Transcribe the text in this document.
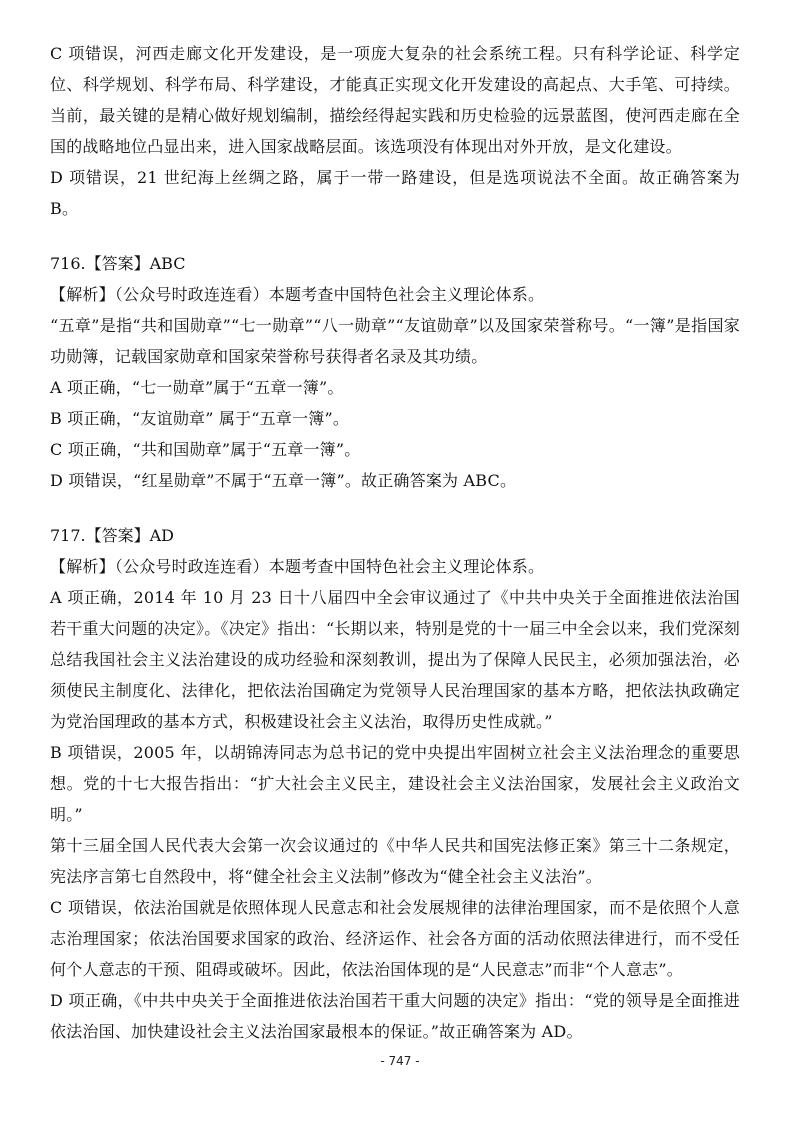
C 项错误，河西走廊文化开发建设，是一项庞大复杂的社会系统工程。只有科学论证、科学定位、科学规划、科学布局、科学建设，才能真正实现文化开发建设的高起点、大手笔、可持续。当前，最关键的是精心做好规划编制，描绘经得起实践和历史检验的远景蓝图，使河西走廊在全国的战略地位凸显出来，进入国家战略层面。该选项没有体现出对外开放，是文化建设。

D 项错误，21 世纪海上丝绸之路，属于一带一路建设，但是选项说法不全面。故正确答案为 B。

716.【答案】ABC

【解析】（公众号时政连连看）本题考查中国特色社会主义理论体系。

“五章”是指“共和国勋章”“七一勋章”“八一勋章”“友谊勋章”以及国家荣誉称号。“一簿”是指国家功勋簿，记载国家勋章和国家荣誉称号获得者名录及其功绩。

A 项正确，“七一勋章”属于“五章一簿”。

B 项正确，“友谊勋章” 属于“五章一簿”。

C 项正确，“共和国勋章”属于“五章一簿”。

D 项错误，“红星勋章”不属于“五章一簿”。故正确答案为 ABC。

717.【答案】AD

【解析】（公众号时政连连看）本题考查中国特色社会主义理论体系。

A 项正确，2014 年 10 月 23 日十八届四中全会审议通过了《中共中央关于全面推进依法治国若干重大问题的决定》。《决定》指出：“长期以来，特别是党的十一届三中全会以来，我们党深刻总结我国社会主义法治建设的成功经验和深刻教训，提出为了保障人民民主，必须加强法治，必须使民主制度化、法律化，把依法治国确定为党领导人民治理国家的基本方略，把依法执政确定为党治国理政的基本方式，积极建设社会主义法治，取得历史性成就。”

B 项错误，2005 年，以胡锦涛同志为总书记的党中央提出牢固树立社会主义法治理念的重要思想。党的十七大报告指出：“扩大社会主义民主，建设社会主义法治国家，发展社会主义政治文明。”

第十三届全国人民代表大会第一次会议通过的《中华人民共和国宪法修正案》第三十二条规定，宪法序言第七自然段中，将“健全社会主义法制”修改为“健全社会主义法治”。

C 项错误，依法治国就是依照体现人民意志和社会发展规律的法律治理国家，而不是依照个人意志治理国家；依法治国要求国家的政治、经济运作、社会各方面的活动依照法律进行，而不受任何个人意志的干预、阻碍或破坏。因此，依法治国体现的是“人民意志”而非“个人意志”。

D 项正确，《中共中央关于全面推进依法治国若干重大问题的决定》指出：“党的领导是全面推进依法治国、加快建设社会主义法治国家最根本的保证。”故正确答案为 AD。

- 747 -
